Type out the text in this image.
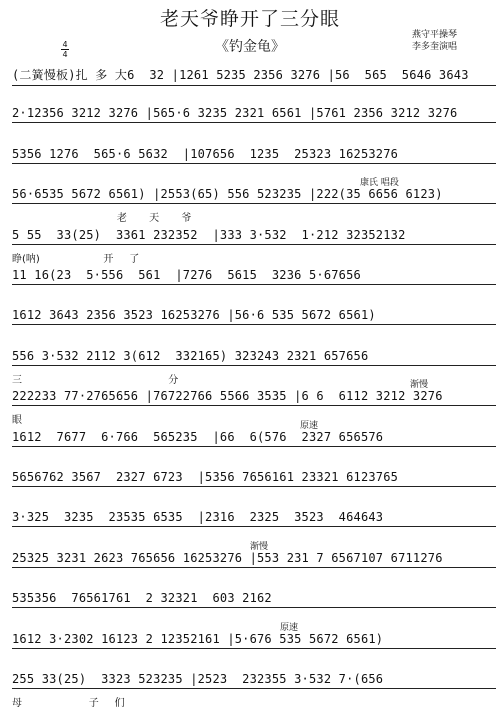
老天爷睁开了三分眼
《钓金龟》
燕守平操琴
李多奎演唱
4
4
(二簧慢板)扎 多 大6  32 |1261 5235 2356 3276 |56  565  5646 3643
2·12356 3212 3276 |565·6 3235 2321 6561 |5761 2356 3212 3276
5356 1276  565·6 5632  |107656  1235  25323 16253276
56·6535 5672 6561) |2553(65) 556 523235 |222(35 6656 6123)
老       天       爷
5 55  33(25)  3361 232352  |333 3·532  1·212 32352132
睁(呐)                    开     了
11 16(23  5·556  561  |7276  5615  3236 5·67656
1612 3643 2356 3523 16253276 |56·6 535 5672 6561)
556 3·532 2112 3(612  332165) 323243 2321 657656
三                                              分
222233 77·2765656 |76722766 5566 3535 |6 6  6112 3212 3276
眼
1612  7677  6·766  565235  |66  6(576  2327 656576
5656762 3567  2327 6723  |5356 7656161 23321 6123765
3·325  3235  23535 6535  |2316  2325  3523  464643
25325 3231 2623 765656 16253276 |553 231 7 6567107 6711276
535356  76561761  2 32321  603 2162
1612 3·2302 16123 2 12352161 |5·676 535 5672 6561)
255 33(25)  3323 523235 |2523  232355 3·532 7·(656
母                     子     们
康氏 唱段
渐慢
原速
渐慢
原速
